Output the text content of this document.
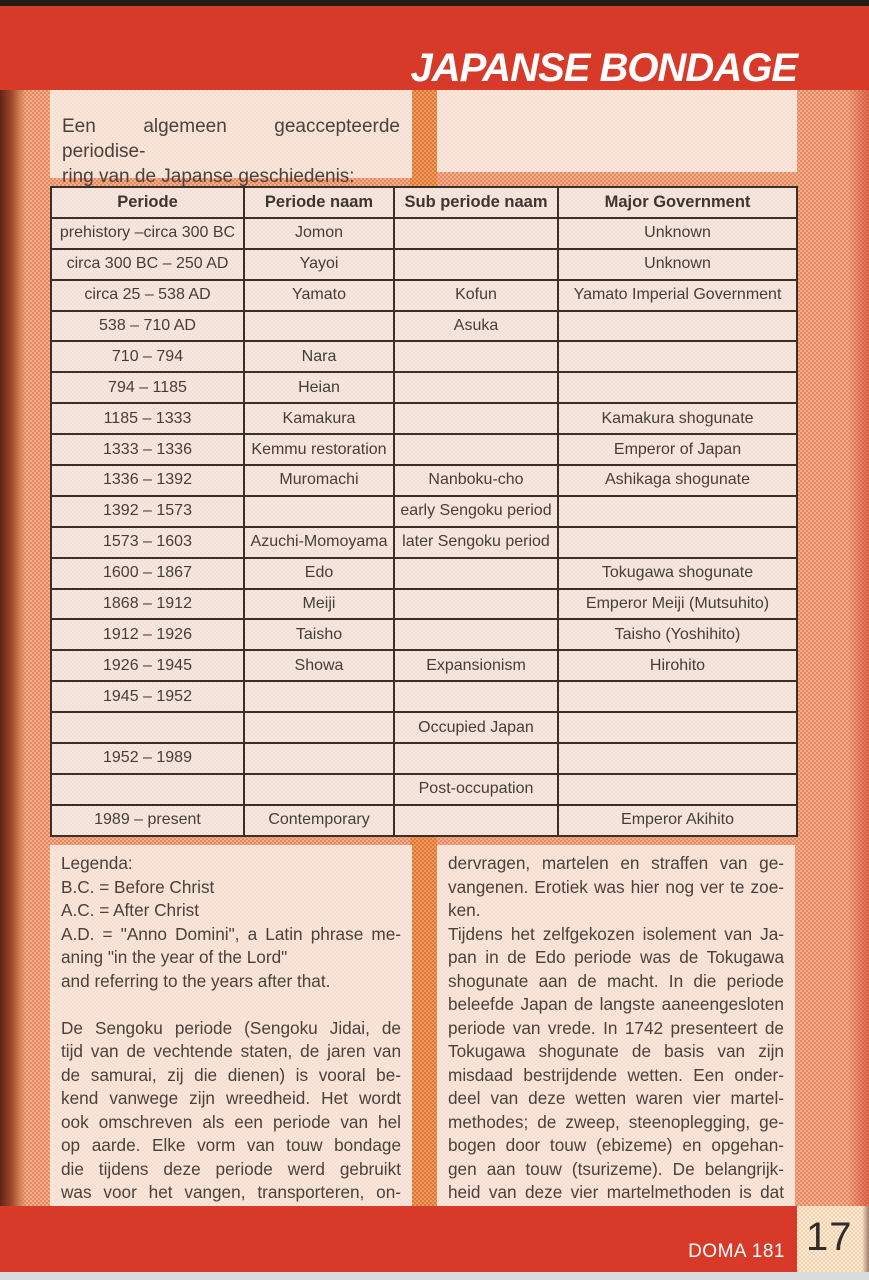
JAPANSE BONDAGE
Een algemeen geaccepteerde periodise-
ring van de Japanse geschiedenis:
Periode	Periode naam	Sub periode naam	Major Government
prehistory –circa 300 BC	Jomon		Unknown
circa 300 BC – 250 AD	Yayoi		Unknown
circa 25 – 538 AD	Yamato	Kofun	Yamato Imperial Government
538 – 710 AD		Asuka	
710 – 794	Nara		
794 – 1185	Heian		
1185 – 1333	Kamakura		Kamakura shogunate
1333 – 1336	Kemmu restoration		Emperor of Japan
1336 – 1392	Muromachi	Nanboku-cho	Ashikaga shogunate
1392 – 1573		early Sengoku period	
1573 – 1603	Azuchi-Momoyama	later Sengoku period	
1600 – 1867	Edo		Tokugawa shogunate
1868 – 1912	Meiji		Emperor Meiji (Mutsuhito)
1912 – 1926	Taisho		Taisho (Yoshihito)
1926 – 1945	Showa	Expansionism	Hirohito
1945 – 1952			
		Occupied Japan	
1952 – 1989			
		Post-occupation	
1989 – present	Contemporary		Emperor Akihito
Legenda:
B.C. = Before Christ
A.C. = After Christ
A.D. = "Anno Domini", a Latin phrase me-
aning "in the year of the Lord"
and referring to the years after that.
De Sengoku periode (Sengoku Jidai, de
tijd van de vechtende staten, de jaren van
de samurai, zij die dienen) is vooral be-
kend vanwege zijn wreedheid. Het wordt
ook omschreven als een periode van hel
op aarde. Elke vorm van touw bondage
die tijdens deze periode werd gebruikt
was voor het vangen, transporteren, on-
dervragen, martelen en straffen van ge-
vangenen. Erotiek was hier nog ver te zoe-
ken.
Tijdens het zelfgekozen isolement van Ja-
pan in de Edo periode was de Tokugawa
shogunate aan de macht. In die periode
beleefde Japan de langste aaneengesloten
periode van vrede. In 1742 presenteert de
Tokugawa shogunate de basis van zijn
misdaad bestrijdende wetten. Een onder-
deel van deze wetten waren vier martel-
methodes; de zweep, steenoplegging, ge-
bogen door touw (ebizeme) en opgehan-
gen aan touw (tsurizeme). De belangrijk-
heid van deze vier martelmethoden is dat
DOMA 181 17
